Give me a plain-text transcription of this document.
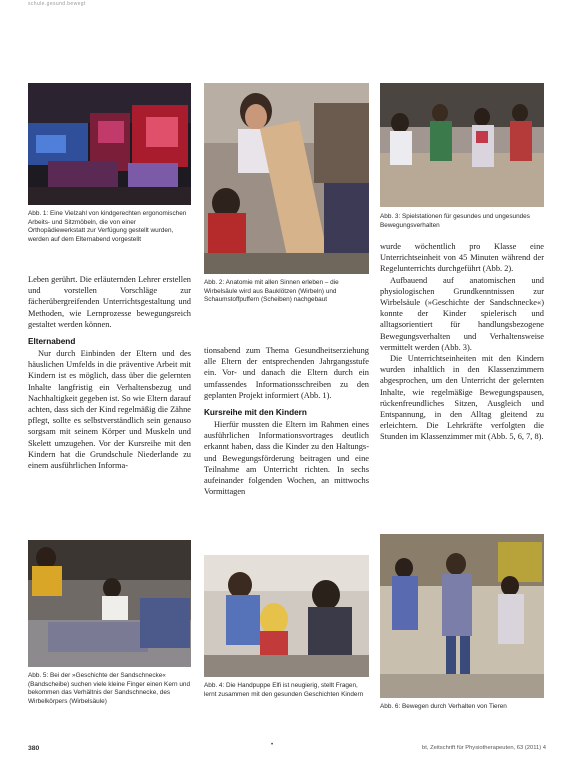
schule.gesund.bewegt
Abb. 1: Eine Vielzahl von kindgerechten ergonomischen Arbeits- und Sitzmöbeln, die von einer Orthopädiewerkstatt zur Verfügung gestellt wurden, werden auf dem Elternabend vorgestellt
Abb. 2: Anatomie mit allen Sinnen erleben – die Wirbelsäule wird aus Bauklötzen (Wirbeln) und Schaumstoffpuffern (Scheiben) nachgebaut
Abb. 3: Spielstationen für gesundes und ungesundes Bewegungsverhalten

Leben gerührt. Die erläuternden Lehrer erstellen und vorstellen Vorschläge zur fächerübergreifenden Unterrichtsgestaltung und Methoden, wie Lernprozesse bewegungsreich gestaltet werden können.

Elternabend

Nur durch Einbinden der Eltern und des häuslichen Umfelds in die präventive Arbeit mit Kindern ist es möglich, dass über die gelernten Inhalte langfristig ein Verhaltensbezug und Nachhaltigkeit gegeben ist. So wie Eltern darauf achten, dass sich der Kind regelmäßig die Zähne pflegt, sollte es selbstverständlich sein genauso sorgsam mit seinem Körper und Muskeln und Skelett umzugehen. Vor der Kursreihe mit den Kindern hat die Grundschule Niederlande zu einem ausführlichen Informa-

tionsabend zum Thema Gesundheitserziehung alle Eltern der entsprechenden Jahrgangsstufe ein. Vor- und danach die Eltern durch ein umfassendes Informationsschreiben zu den geplanten Projekt informiert (Abb. 1).

Kursreihe mit den Kindern

Hierfür mussten die Eltern im Rahmen eines ausführlichen Informationsvortrages deutlich erkannt haben, dass die Kinder zu den Haltungs- und Bewegungsförderung beitragen und eine Teilnahme am Unterricht richten. In sechs aufeinander folgenden Wochen, an mittwochs Vormittagen

wurde wöchentlich pro Klasse eine Unterrichtseinheit von 45 Minuten während der Regelunterrichts durchgeführt (Abb. 2).

Aufbauend auf anatomischen und physiologischen Grundkenntnissen zur Wirbelsäule (»Geschichte der Sandschnecke«) konnte der Kinder spielerisch und alltagsorientiert für handlungsbezogene Bewegungsverhalten und Verhaltensweise vermittelt werden (Abb. 3).

Die Unterrichtseinheiten mit den Kindern wurden inhaltlich in den Klassenzimmern abgesprochen, um den Unterricht der gelernten Inhalte, wie regelmäßige Bewegungspausen, rückenfreundliches Sitzen, Ausgleich und Entspannung, in den Alltag gleitend zu erleichtern. Die Lehrkräfte verfolgten die Stunden im Klassenzimmer mit (Abb. 5, 6, 7, 8).

Abb. 5: Bei der »Geschichte der Sandschnecke« (Bandscheibe) suchen viele kleine Finger einen Kern und bekommen das Verhältnis der Sandschnecke, des Wirbelkörpers (Wirbelsäule)
Abb. 4: Die Handpuppe Elfi ist neugierig, stellt Fragen, lernt zusammen mit den gesunden Geschichten Kindern
Abb. 6: Bewegen durch Verhalten von Tieren
380	•	bt, Zeitschrift für Physiotherapeuten, 63 (2011) 4
